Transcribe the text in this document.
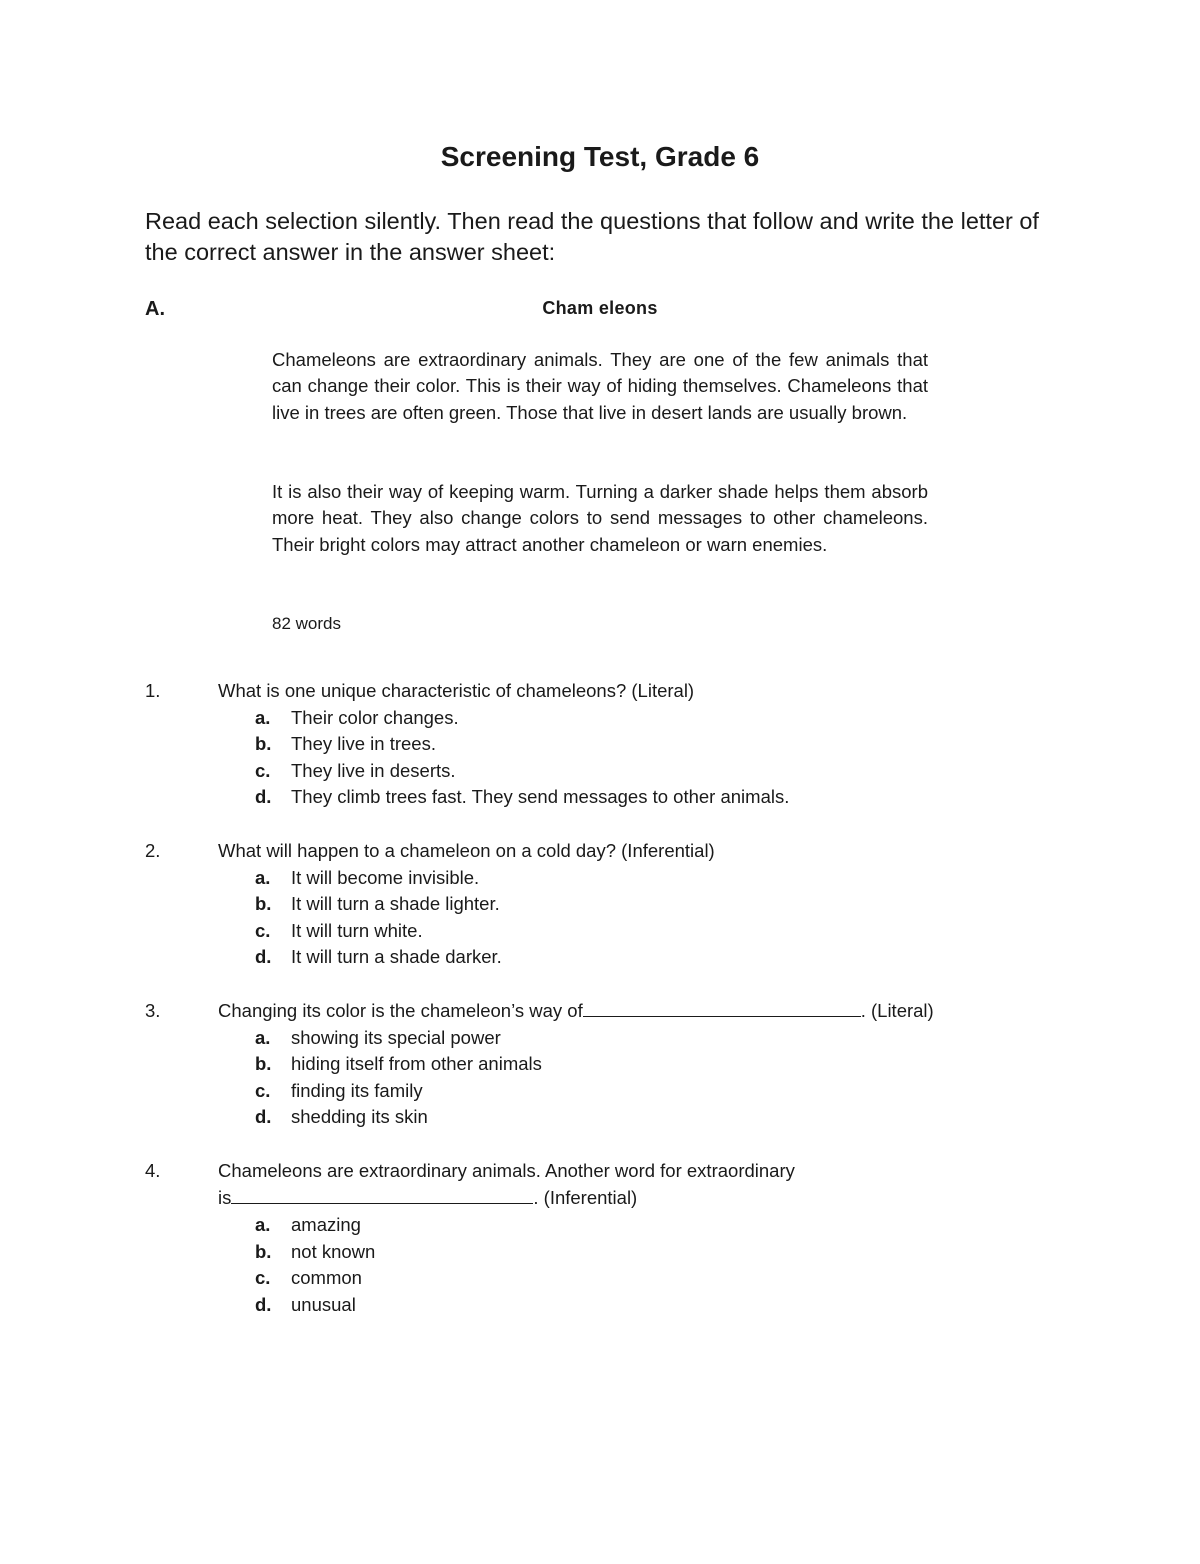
Screening Test, Grade 6

Read each selection silently. Then read the questions that follow and write the letter of the correct answer in the answer sheet:

A.	Cham eleons

Chameleons are extraordinary animals. They are one of the few animals that can change their color. This is their way of hiding themselves. Chameleons that live in trees are often green. Those that live in desert lands are usually brown.

It is also their way of keeping warm. Turning a darker shade helps them absorb more heat. They also change colors to send messages to other chameleons. Their bright colors may attract another chameleon or warn enemies.

82 words
1.	What is one unique characteristic of chameleons? (Literal)
a. Their color changes.
b. They live in trees.
c. They live in deserts.
d. They climb trees fast. They send messages to other animals.
2.	What will happen to a chameleon on a cold day? (Inferential)
a. It will become invisible.
b. It will turn a shade lighter.
c. It will turn white.
d. It will turn a shade darker.
3.	Changing its color is the chameleon’s way of	. (Literal)
a. showing its special power
b. hiding itself from other animals
c. finding its family
d. shedding its skin
4.	Chameleons are extraordinary animals. Another word for extraordinary
is	. (Inferential)
a. amazing
b. not known
c. common
d. unusual
